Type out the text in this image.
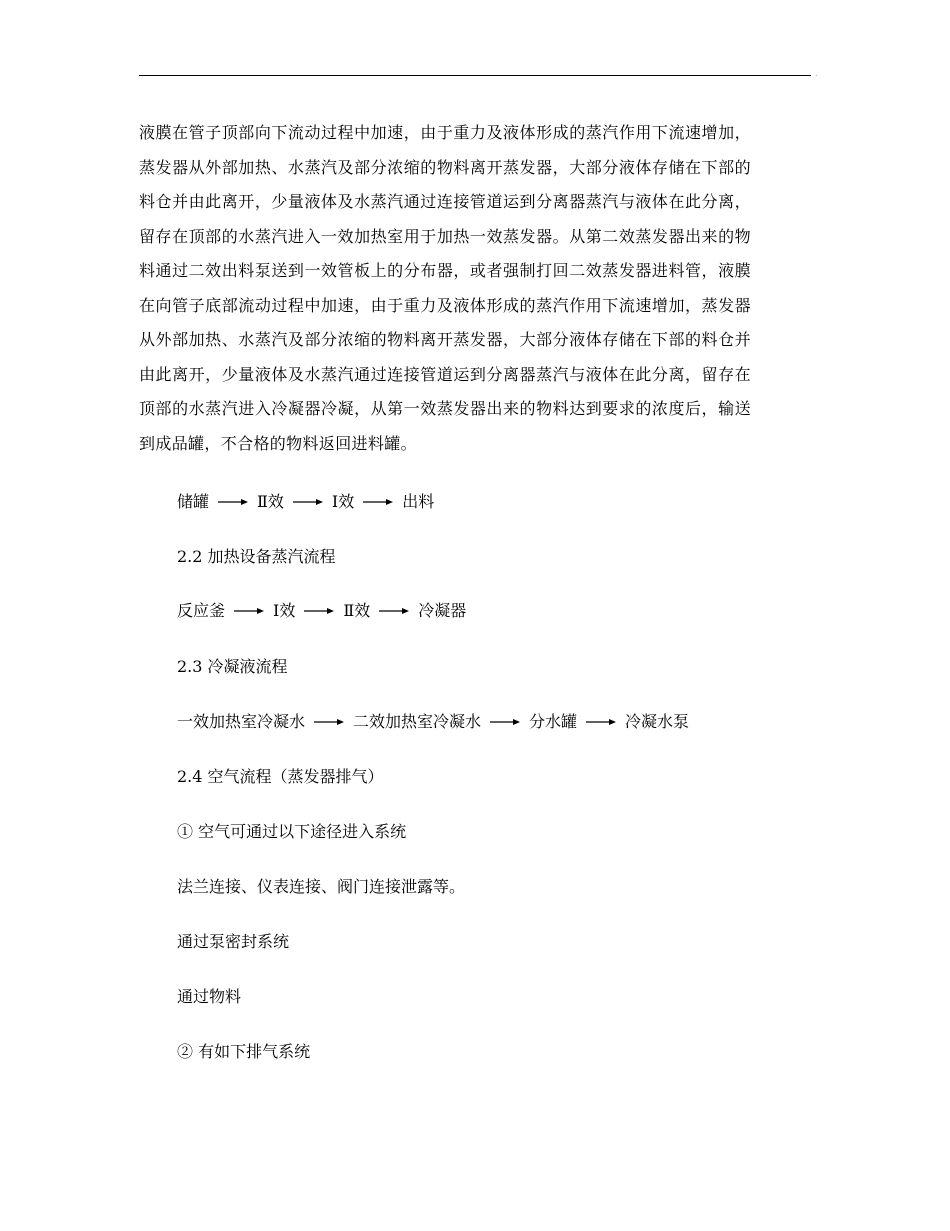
.

液膜在管子顶部向下流动过程中加速，由于重力及液体形成的蒸汽作用下流速增加，蒸发器从外部加热、水蒸汽及部分浓缩的物料离开蒸发器，大部分液体存储在下部的料仓并由此离开，少量液体及水蒸汽通过连接管道运到分离器蒸汽与液体在此分离，留存在顶部的水蒸汽进入一效加热室用于加热一效蒸发器。从第二效蒸发器出来的物料通过二效出料泵送到一效管板上的分布器，或者强制打回二效蒸发器进料管，液膜在向管子底部流动过程中加速，由于重力及液体形成的蒸汽作用下流速增加，蒸发器从外部加热、水蒸汽及部分浓缩的物料离开蒸发器，大部分液体存储在下部的料仓并由此离开，少量液体及水蒸汽通过连接管道运到分离器蒸汽与液体在此分离，留存在顶部的水蒸汽进入冷凝器冷凝，从第一效蒸发器出来的物料达到要求的浓度后，输送到成品罐，不合格的物料返回进料罐。

储罐	Ⅱ效	Ⅰ效	出料
2.2 加热设备蒸汽流程
反应釜	Ⅰ效	Ⅱ效	冷凝器
2.3 冷凝液流程
一效加热室冷凝水	二效加热室冷凝水	分水罐	冷凝水泵
2.4 空气流程（蒸发器排气）
① 空气可通过以下途径进入系统
法兰连接、仪表连接、阀门连接泄露等。
通过泵密封系统
通过物料
② 有如下排气系统
